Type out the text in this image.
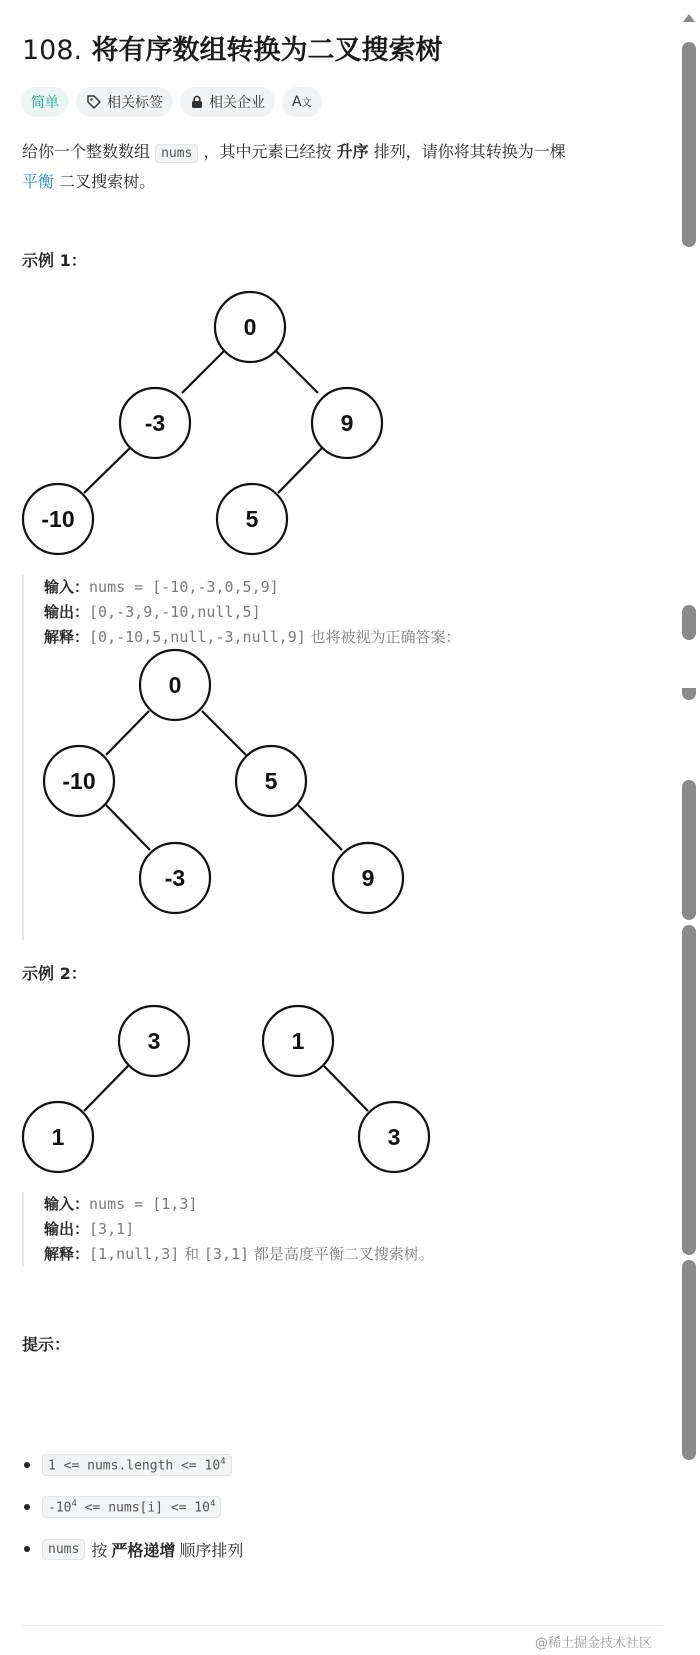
108. 将有序数组转换为二叉搜索树
简单	相关标签	相关企业 A文
给你一个整数数组 nums ，其中元素已经按 升序 排列，请你将其转换为一棵
平衡 二叉搜索树。
示例 1：
0
-3	9
-10	5
输入：nums = [-10,-3,0,5,9]
输出：[0,-3,9,-10,null,5]
解释：[0,-10,5,null,-3,null,9] 也将被视为正确答案：
0
-10	5
-3	9
示例 2：
3
1
1
3
输入：nums = [1,3]
输出：[3,1]
解释：[1,null,3] 和 [3,1] 都是高度平衡二叉搜索树。
提示：
1 <= nums.length <= $10^4$
$-10^4$ <= nums[i] <= $10^4$
nums 按 严格递增 顺序排列
@稀土掘金技术社区
